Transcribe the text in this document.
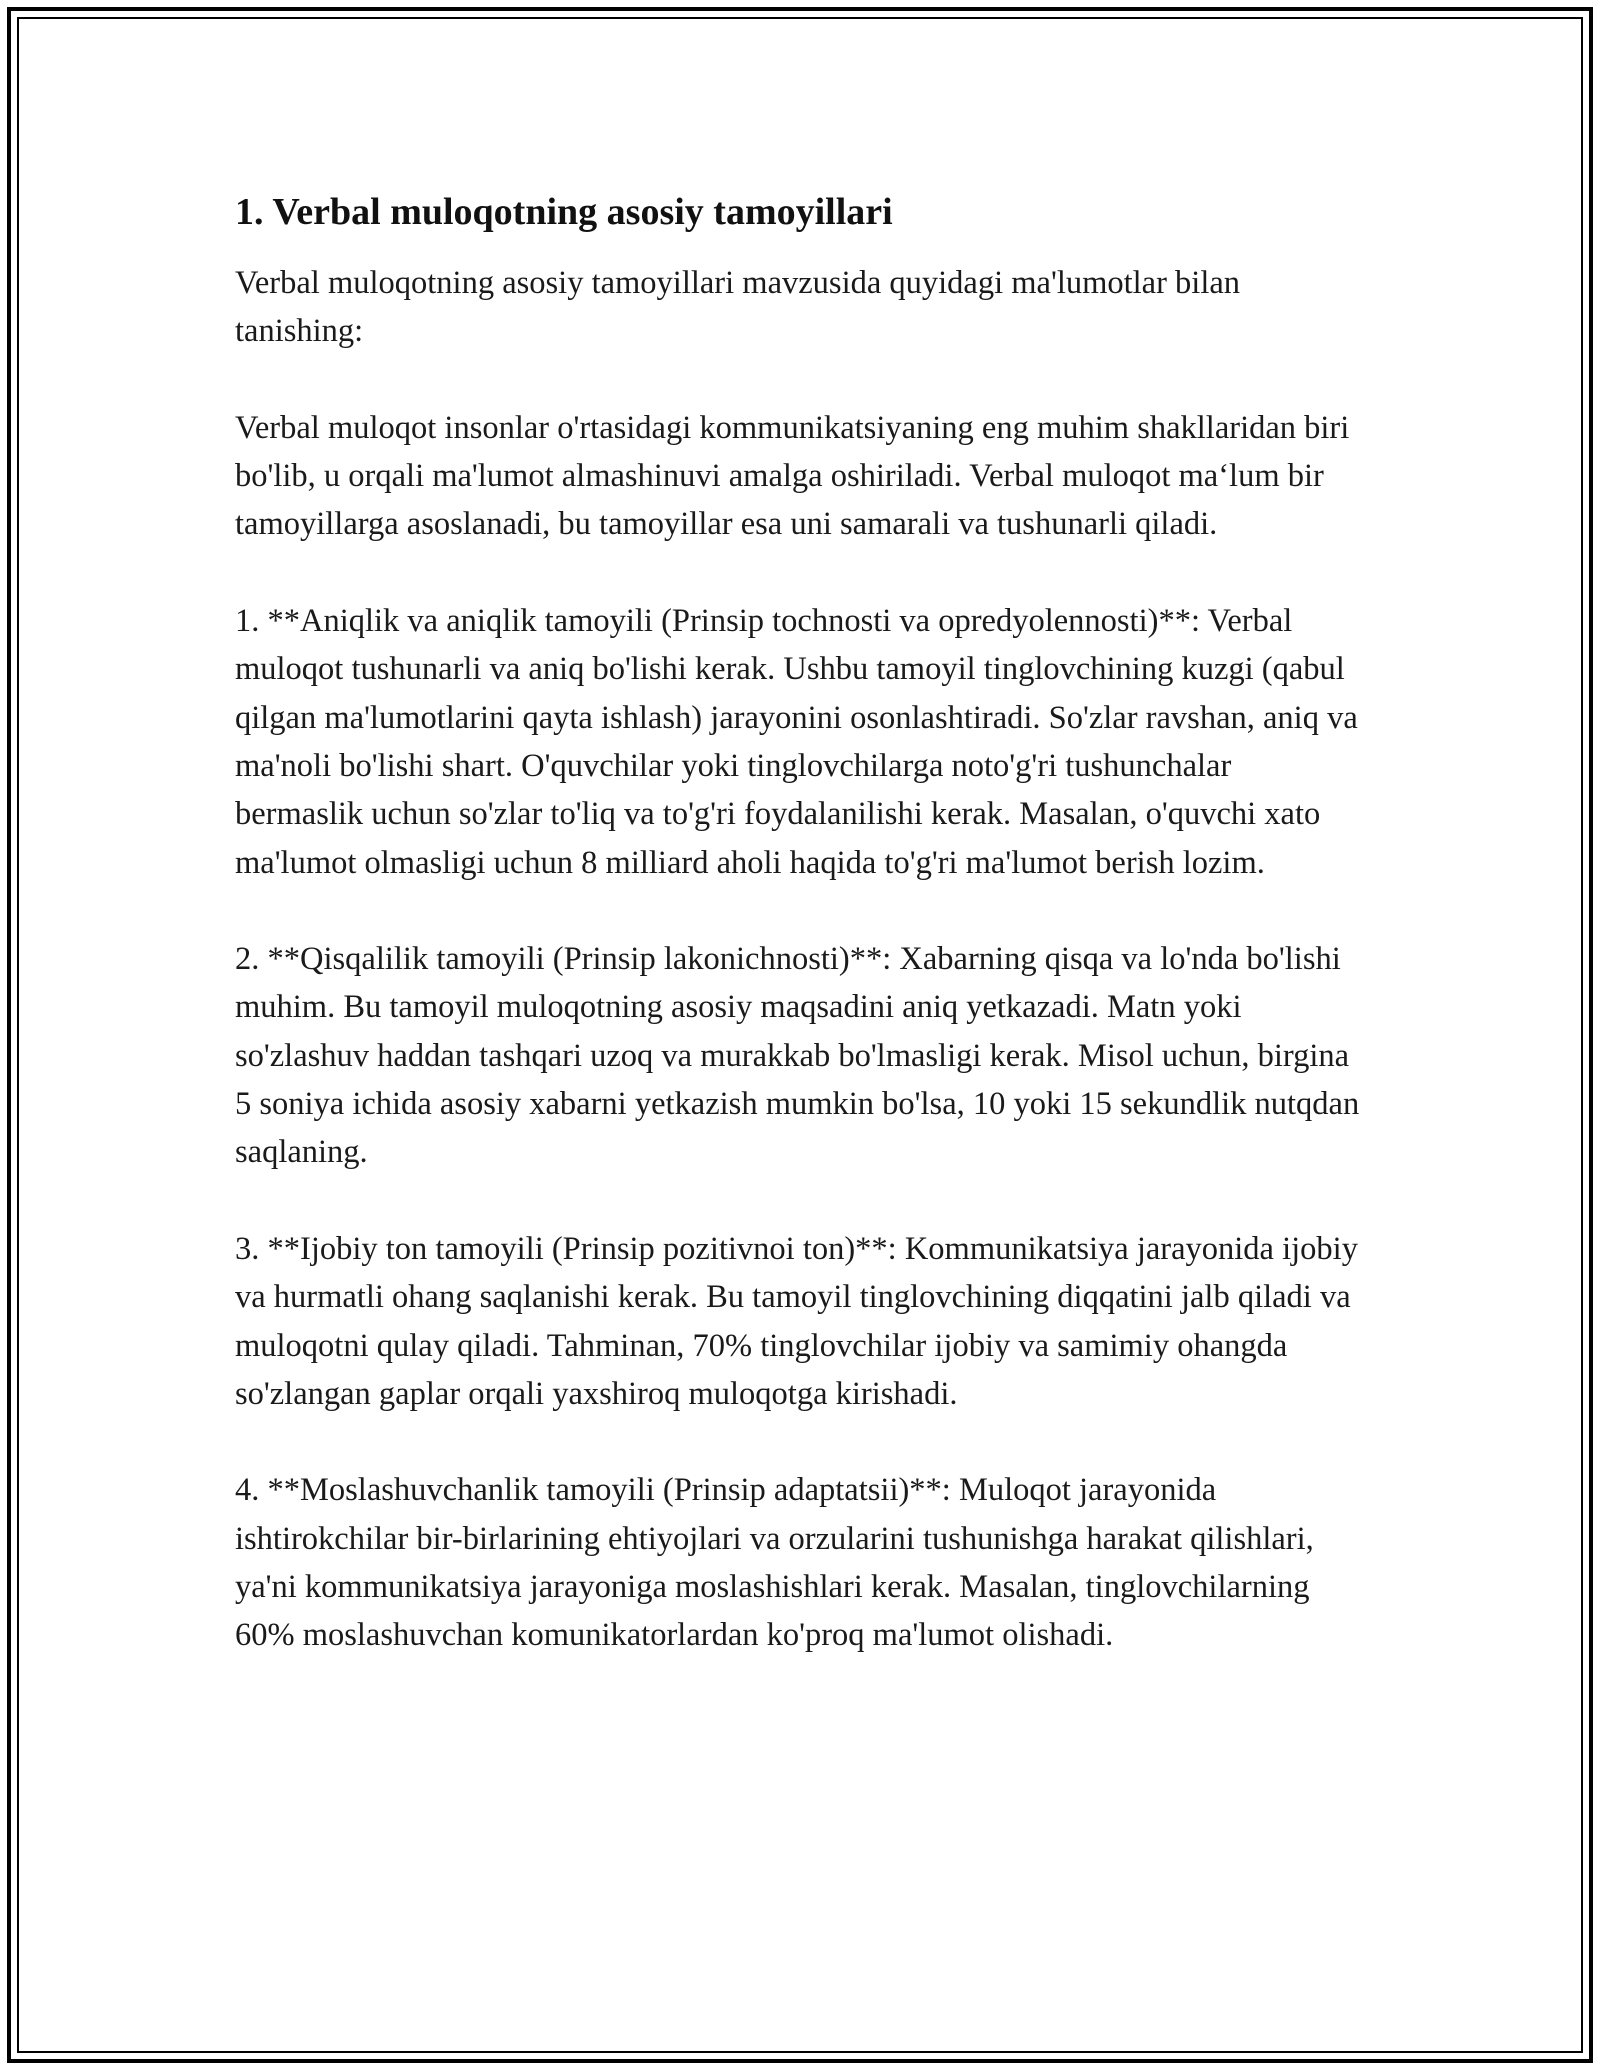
1. Verbal muloqotning asosiy tamoyillari

Verbal muloqotning asosiy tamoyillari mavzusida quyidagi ma'lumotlar bilan tanishing:

Verbal muloqot insonlar o'rtasidagi kommunikatsiyaning eng muhim shakllaridan biri bo'lib, u orqali ma'lumot almashinuvi amalga oshiriladi. Verbal muloqot ma‘lum bir tamoyillarga asoslanadi, bu tamoyillar esa uni samarali va tushunarli qiladi.

1. **Aniqlik va aniqlik tamoyili (Prinsip tochnosti va opredyolennosti)**: Verbal muloqot tushunarli va aniq bo'lishi kerak. Ushbu tamoyil tinglovchining kuzgi (qabul qilgan ma'lumotlarini qayta ishlash) jarayonini osonlashtiradi. So'zlar ravshan, aniq va ma'noli bo'lishi shart. O'quvchilar yoki tinglovchilarga noto'g'ri tushunchalar bermaslik uchun so'zlar to'liq va to'g'ri foydalanilishi kerak. Masalan, o'quvchi xato ma'lumot olmasligi uchun 8 milliard aholi haqida to'g'ri ma'lumot berish lozim.

2. **Qisqalilik tamoyili (Prinsip lakonichnosti)**: Xabarning qisqa va lo'nda bo'lishi muhim. Bu tamoyil muloqotning asosiy maqsadini aniq yetkazadi. Matn yoki so'zlashuv haddan tashqari uzoq va murakkab bo'lmasligi kerak. Misol uchun, birgina 5 soniya ichida asosiy xabarni yetkazish mumkin bo'lsa, 10 yoki 15 sekundlik nutqdan saqlaning.

3. **Ijobiy ton tamoyili (Prinsip pozitivnoi ton)**: Kommunikatsiya jarayonida ijobiy va hurmatli ohang saqlanishi kerak. Bu tamoyil tinglovchining diqqatini jalb qiladi va muloqotni qulay qiladi. Tahminan, 70% tinglovchilar ijobiy va samimiy ohangda so'zlangan gaplar orqali yaxshiroq muloqotga kirishadi.

4. **Moslashuvchanlik tamoyili (Prinsip adaptatsii)**: Muloqot jarayonida ishtirokchilar bir-birlarining ehtiyojlari va orzularini tushunishga harakat qilishlari, ya'ni kommunikatsiya jarayoniga moslashishlari kerak. Masalan, tinglovchilarning 60% moslashuvchan komunikatorlardan ko'proq ma'lumot olishadi.
